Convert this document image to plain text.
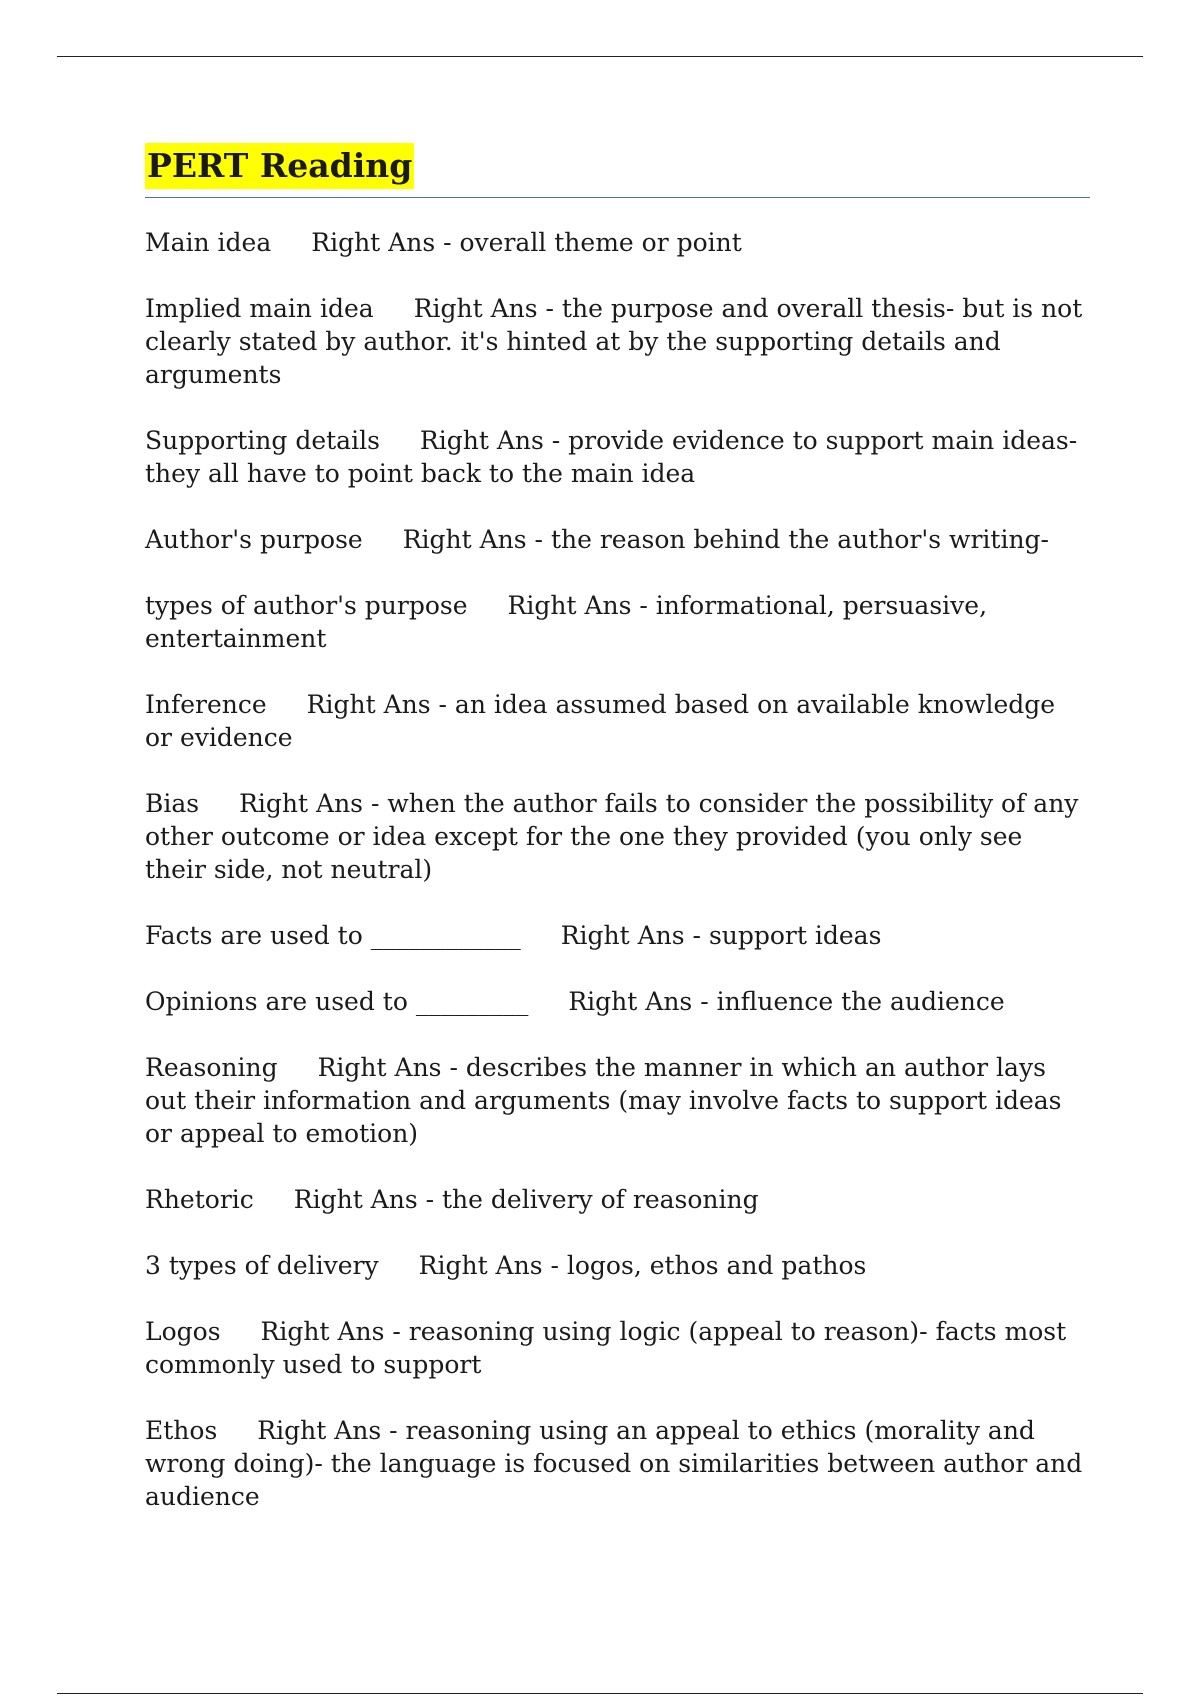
PERT Reading
Main idea Right Ans - overall theme or point
Implied main idea Right Ans - the purpose and overall thesis- but is not clearly stated by author. it's hinted at by the supporting details and arguments
Supporting details Right Ans - provide evidence to support main ideas- they all have to point back to the main idea
Author's purpose Right Ans - the reason behind the author's writing-
types of author's purpose Right Ans - informational, persuasive, entertainment
Inference Right Ans - an idea assumed based on available knowledge or evidence
Bias Right Ans - when the author fails to consider the possibility of any other outcome or idea except for the one they provided (you only see their side, not neutral)
Facts are used to ____________ Right Ans - support ideas
Opinions are used to _________ Right Ans - influence the audience
Reasoning Right Ans - describes the manner in which an author lays out their information and arguments (may involve facts to support ideas or appeal to emotion)
Rhetoric Right Ans - the delivery of reasoning
3 types of delivery Right Ans - logos, ethos and pathos
Logos Right Ans - reasoning using logic (appeal to reason)- facts most commonly used to support
Ethos Right Ans - reasoning using an appeal to ethics (morality and wrong doing)- the language is focused on similarities between author and audience
